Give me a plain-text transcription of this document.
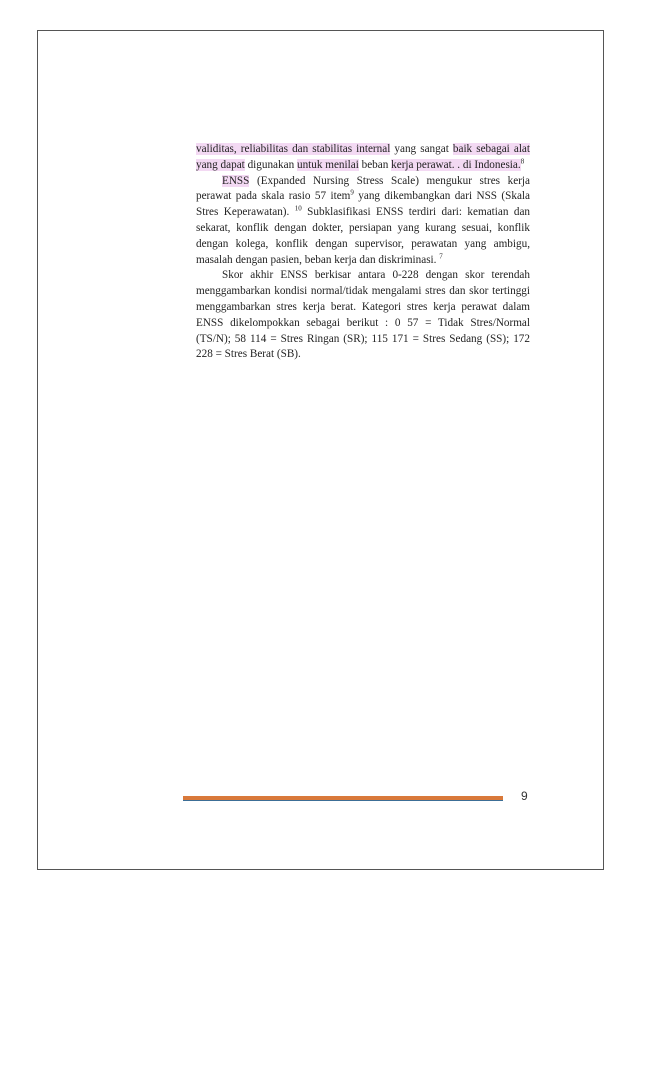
validitas, reliabilitas dan stabilitas internal yang sangat baik sebagai alat yang dapat digunakan untuk menilai beban kerja perawat. . di Indonesia.$^8$

ENSS (Expanded Nursing Stress Scale) mengukur stres kerja perawat pada skala rasio 57 item$^9$ yang dikembangkan dari NSS (Skala Stres Keperawatan). $^{10}$ Subklasifikasi ENSS terdiri dari: kematian dan sekarat, konflik dengan dokter, persiapan yang kurang sesuai, konflik dengan kolega, konflik dengan supervisor, perawatan yang ambigu, masalah dengan pasien, beban kerja dan diskriminasi. $^7$

Skor akhir ENSS berkisar antara 0-228 dengan skor terendah menggambarkan kondisi normal/tidak mengalami stres dan skor tertinggi menggambarkan stres kerja berat. Kategori stres kerja perawat dalam ENSS dikelompokkan sebagai berikut : 0 57 = Tidak Stres/Normal (TS/N); 58 114 = Stres Ringan (SR); 115 171 = Stres Sedang (SS); 172 228 = Stres Berat (SB).

9
